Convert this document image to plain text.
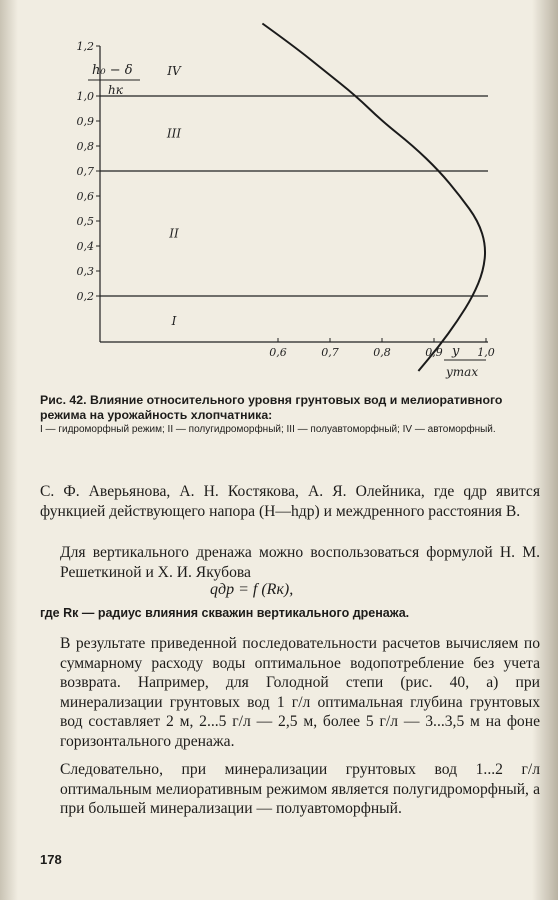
1,2
1,0
0,9
0,8
0,7
0,6
0,5
0,4
0,3
0,2
0,6	0,7	0,8	0,9	1,0
IV
III
II
I
h₀ − δ
hк
y
ymax
Рис. 42. Влияние относительного уровня грунтовых вод и мелиоративного режима на урожайность хлопчатника:
I — гидроморфный режим; II — полугидроморфный; III — полуавтоморфный; IV — автоморфный.
С. Ф. Аверьянова, А. Н. Костякова, А. Я. Олейника, где qдр явится функцией действующего напора (H—hдр) и междренного расстояния B.
Для вертикального дренажа можно воспользоваться формулой Н. М. Решеткиной и Х. И. Якубова
qдр = f (Rк),
где Rк — радиус влияния скважин вертикального дренажа.
В результате приведенной последовательности расчетов вычисляем по суммарному расходу воды оптимальное водопотребление без учета возврата. Например, для Голодной степи (рис. 40, а) при минерализации грунтовых вод 1 г/л оптимальная глубина грунтовых вод составляет 2 м, 2...5 г/л — 2,5 м, более 5 г/л — 3...3,5 м на фоне горизонтального дренажа.
Следовательно, при минерализации грунтовых вод 1...2 г/л оптимальным мелиоративным режимом является полугидроморфный, а при большей минерализации — полуавтоморфный.
178
